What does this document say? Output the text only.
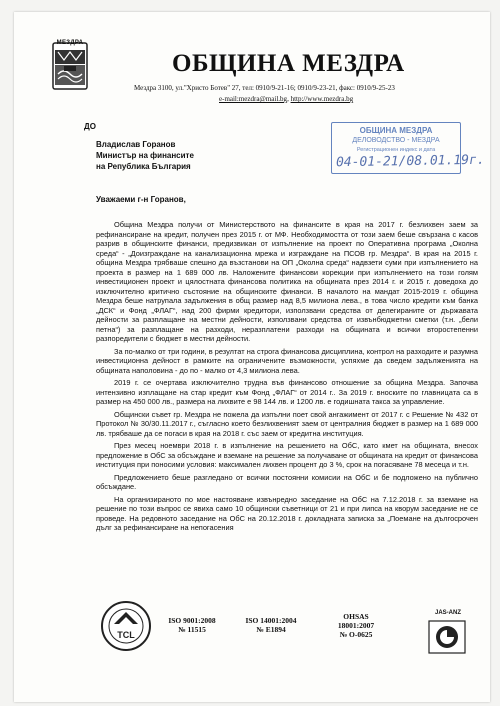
МЕЗДРА
ОБЩИНА МЕЗДРА
Мездра 3100, ул."Христо Ботев" 27, тел: 0910/9-21-16; 0910/9-23-21, факс: 0910/9-25-23
e-mail:mezdra@mail.bg, http://www.mezdra.bg
ДО
Владислав Горанов
Министър на финансите
на Република България
ОБЩИНА МЕЗДРА
ДЕЛОВОДСТВО - МЕЗДРА
Регистрационен индекс и дата
04-01-21/08.01.19г.
Уважаеми г-н Горанов,

Община Мездра получи от Министерството на финансите в края на 2017 г. безлихвен заем за рефинансиране на кредит, получен през 2015 г. от МФ. Необходимостта от този заем беше свързана с касов разрив в общинските финанси, предизвикан от изпълнение на проект по Оперативна програма „Околна среда“ - „Доизграждане на канализационна мрежа и изграждане на ПСОВ гр. Мездра“. В края на 2015 г. община Мездра трябваше спешно да възстанови на ОП „Околна среда“ надвзети суми при изпълнението на проекта в размер на 1 689 000 лв. Наложените финансови корекции при изпълнението на този голям инвестиционен проект и цялостната финансова политика на общината през 2014 г. и 2015 г. доведоха до изключително критично състояние на общинските финанси. В началото на мандат 2015-2019 г. община Мездра беше натрупала задължения в общ размер над 8,5 милиона лева., в това число кредити към банка „ДСК“ и Фонд „ФЛАГ“, над 200 фирми кредитори, използвани средства от делегираните от държавата дейности за разплащане на местни дейности, използвани средства от извънбюджетни сметки (т.н. „бели петна“) за разплащане на разходи, неразплатени разходи на общината и всички второстепенни разпоредители с бюджет в местни дейности.

За по-малко от три години, в резултат на строга финансова дисциплина, контрол на разходите и разумна инвестиционна дейност в рамките на ограничените възможности, успяхме да сведем задълженията на общината наполовина - до по - малко от 4,3 милиона лева.

2019 г. се очертава изключително трудна във финансово отношение за община Мездра. Започва интензивно изплащане на стар кредит към Фонд „ФЛАГ“ от 2014 г.. За 2019 г. вноските по главницата са в размер на 450 000 лв., размера на лихвите е 98 144 лв. и 1200 лв. е годишната такса за управление.

Общински съвет гр. Мездра не пожела да изпълни поет свой ангажимент от 2017 г. с Решение № 432 от Протокол № 30/30.11.2017 г., съгласно което безлихвеният заем от централния бюджет в размер на 1 689 000 лв. трябваше да се погаси в края на 2018 г. със заем от кредитна институция.

През месец ноември 2018 г. в изпълнение на решението на ОбС, като кмет на общината, внесох предложение в ОбС за обсъждане и вземане на решение за получаване от общината на кредит от финансова институция при поносими условия: максимален лихвен процент до 3 %, срок на погасяване 78 месеца и т.н.

Предложението беше разгледано от всички постоянни комисии на ОбС и бе подложено на публично обсъждане.

На организираното по мое настояване извънредно заседание на ОбС на 7.12.2018 г. за вземане на решение по този въпрос се явиха само 10 общински съветници от 21 и при липса на кворум заседание не се проведе. На редовното заседание на ОбС на 20.12.2018 г. докладната записка за „Поемане на дългосрочен дълг за рефинансиране на непогасения

TCL
ISO 9001:2008
№ 11515
ISO 14001:2004
№ E1894
OHSAS 18001:2007
№ O-0625
JAS-ANZ
